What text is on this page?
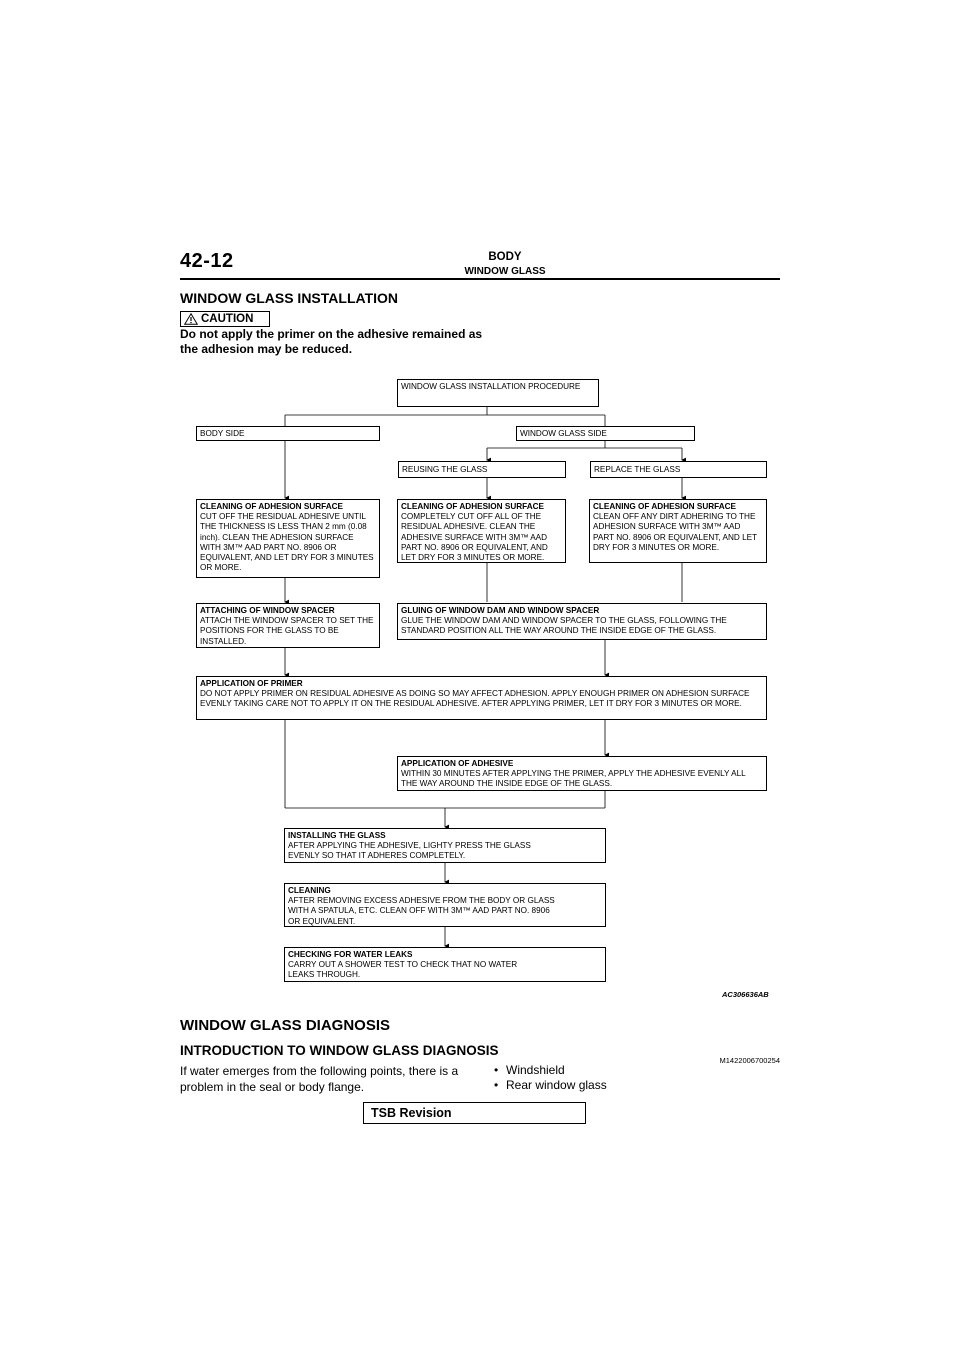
42-12	BODY
WINDOW GLASS
WINDOW GLASS INSTALLATION
CAUTION
Do not apply the primer on the adhesive remained as the adhesion may be reduced.
WINDOW GLASS INSTALLATION PROCEDURE
BODY SIDE	WINDOW GLASS SIDE
REUSING THE GLASS	REPLACE THE GLASS
CLEANING OF ADHESION SURFACE
CUT OFF THE RESIDUAL ADHESIVE UNTIL THE THICKNESS IS LESS THAN 2 mm (0.08 inch). CLEAN THE ADHESION SURFACE WITH 3M™ AAD PART NO. 8906 OR EQUIVALENT, AND LET DRY FOR 3 MINUTES OR MORE.
CLEANING OF ADHESION SURFACE
COMPLETELY CUT OFF ALL OF THE RESIDUAL ADHESIVE. CLEAN THE ADHESIVE SURFACE WITH 3M™ AAD PART NO. 8906 OR EQUIVALENT, AND LET DRY FOR 3 MINUTES OR MORE.
CLEANING OF ADHESION SURFACE
CLEAN OFF ANY DIRT ADHERING TO THE ADHESION SURFACE WITH 3M™ AAD PART NO. 8906 OR EQUIVALENT, AND LET DRY FOR 3 MINUTES OR MORE.
ATTACHING OF WINDOW SPACER
ATTACH THE WINDOW SPACER TO SET THE POSITIONS FOR THE GLASS TO BE INSTALLED.
GLUING OF WINDOW DAM AND WINDOW SPACER
GLUE THE WINDOW DAM AND WINDOW SPACER TO THE GLASS, FOLLOWING THE STANDARD POSITION ALL THE WAY AROUND THE INSIDE EDGE OF THE GLASS.
APPLICATION OF PRIMER
DO NOT APPLY PRIMER ON RESIDUAL ADHESIVE AS DOING SO MAY AFFECT ADHESION. APPLY ENOUGH PRIMER ON ADHESION SURFACE EVENLY TAKING CARE NOT TO APPLY IT ON THE RESIDUAL ADHESIVE. AFTER APPLYING PRIMER, LET IT DRY FOR 3 MINUTES OR MORE.
APPLICATION OF ADHESIVE
WITHIN 30 MINUTES AFTER APPLYING THE PRIMER, APPLY THE ADHESIVE EVENLY ALL THE WAY AROUND THE INSIDE EDGE OF THE GLASS.
INSTALLING THE GLASS
AFTER APPLYING THE ADHESIVE, LIGHTY PRESS THE GLASS EVENLY SO THAT IT ADHERES COMPLETELY.
CLEANING
AFTER REMOVING EXCESS ADHESIVE FROM THE BODY OR GLASS WITH A SPATULA, ETC. CLEAN OFF WITH 3M™ AAD PART NO. 8906 OR EQUIVALENT.
CHECKING FOR WATER LEAKS
CARRY OUT A SHOWER TEST TO CHECK THAT NO WATER LEAKS THROUGH.
AC306636AB
WINDOW GLASS DIAGNOSIS
INTRODUCTION TO WINDOW GLASS DIAGNOSIS
M1422006700254
If water emerges from the following points, there is a problem in the seal or body flange.
• Windshield
• Rear window glass
TSB Revision
